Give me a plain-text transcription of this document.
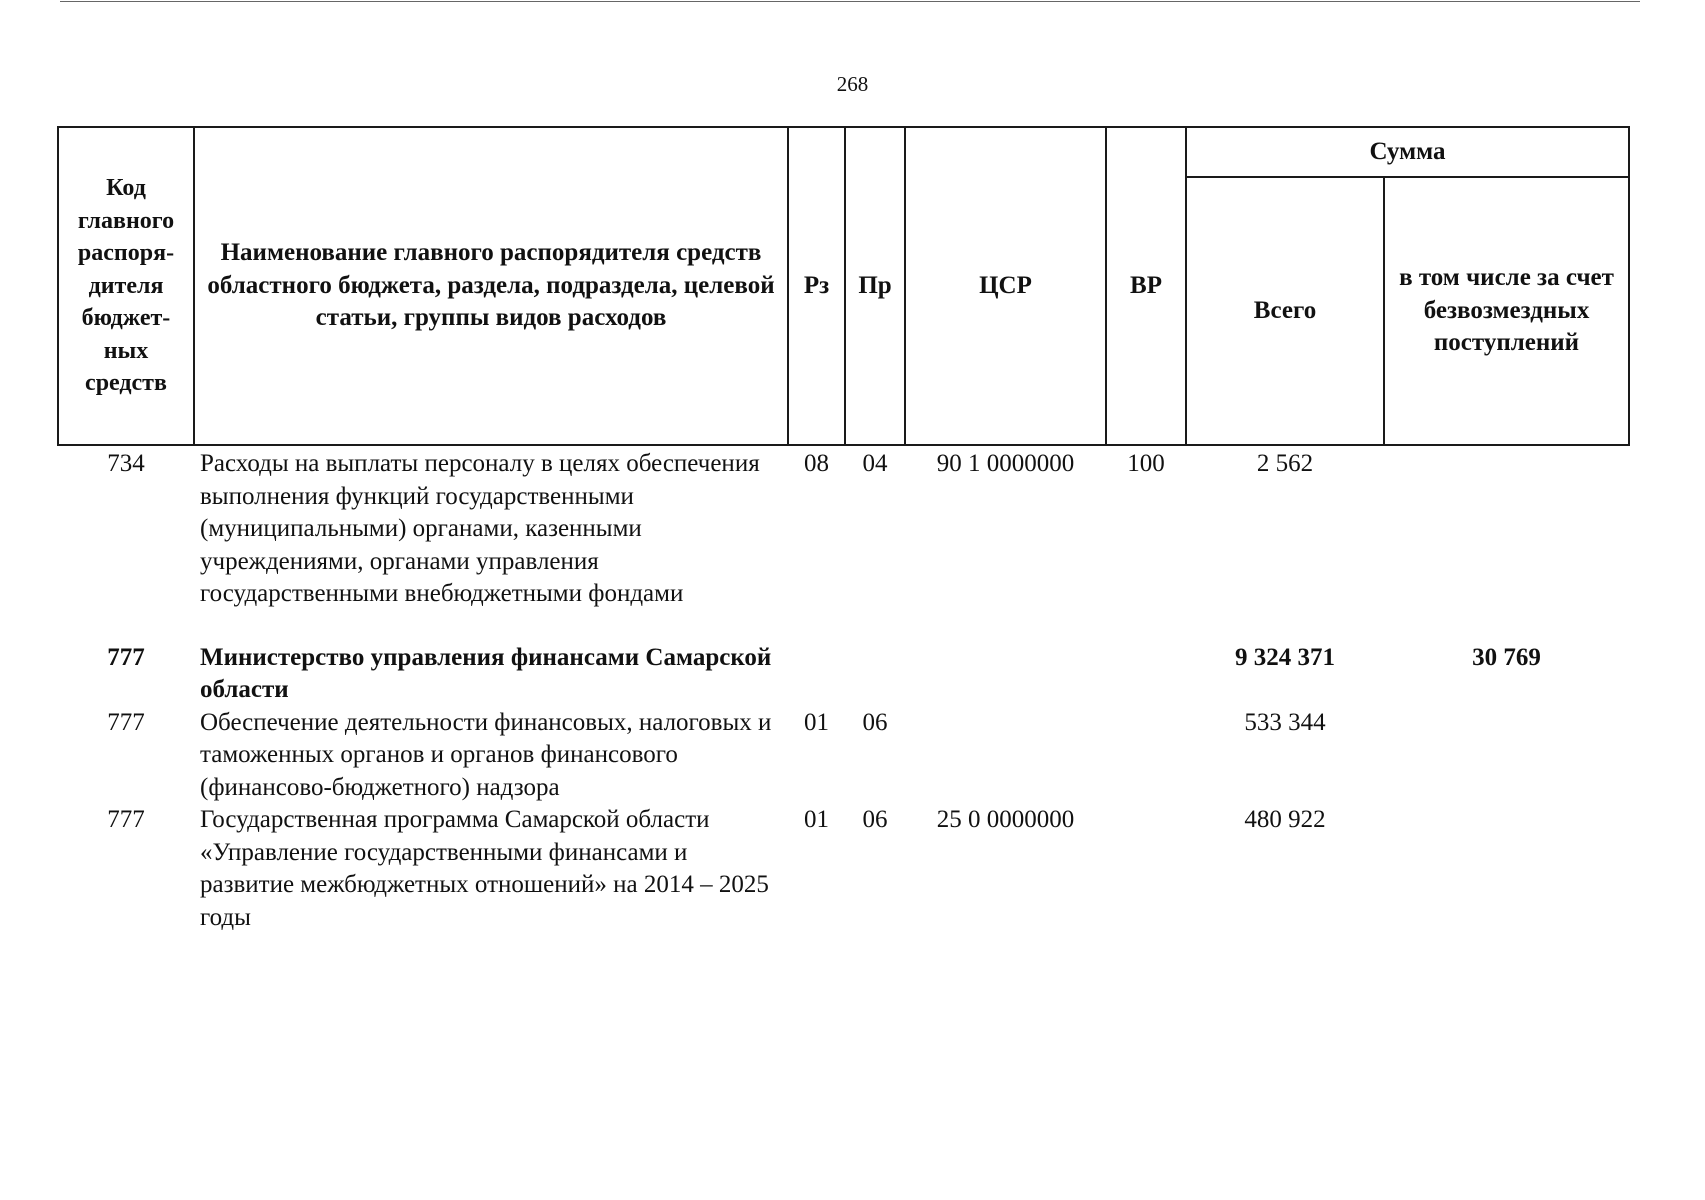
268
Код главного распоря-дителя бюджет-ных средств	Наименование главного распорядителя средств областного бюджета, раздела, подраздела, целевой статьи, группы видов расходов	Рз	Пр	ЦСР	ВР	Сумма	
						Всего	в том числе за счет безвозмездных поступлений
734	Расходы на выплаты персоналу в целях обеспечения выполнения функций государственными (муниципальными) органами, казенными учреждениями, органами управления государственными внебюджетными фондами	08	04	90 1 0000000	100	2 562	

777	Министерство управления финансами Самарской области					9 324 371	30 769
777	Обеспечение деятельности финансовых, налоговых и таможенных органов и органов финансового (финансово-бюджетного) надзора	01	06			533 344	
777	Государственная программа Самарской области «Управление государственными финансами и развитие межбюджетных отношений» на 2014 – 2025 годы	01	06	25 0 0000000		480 922	
